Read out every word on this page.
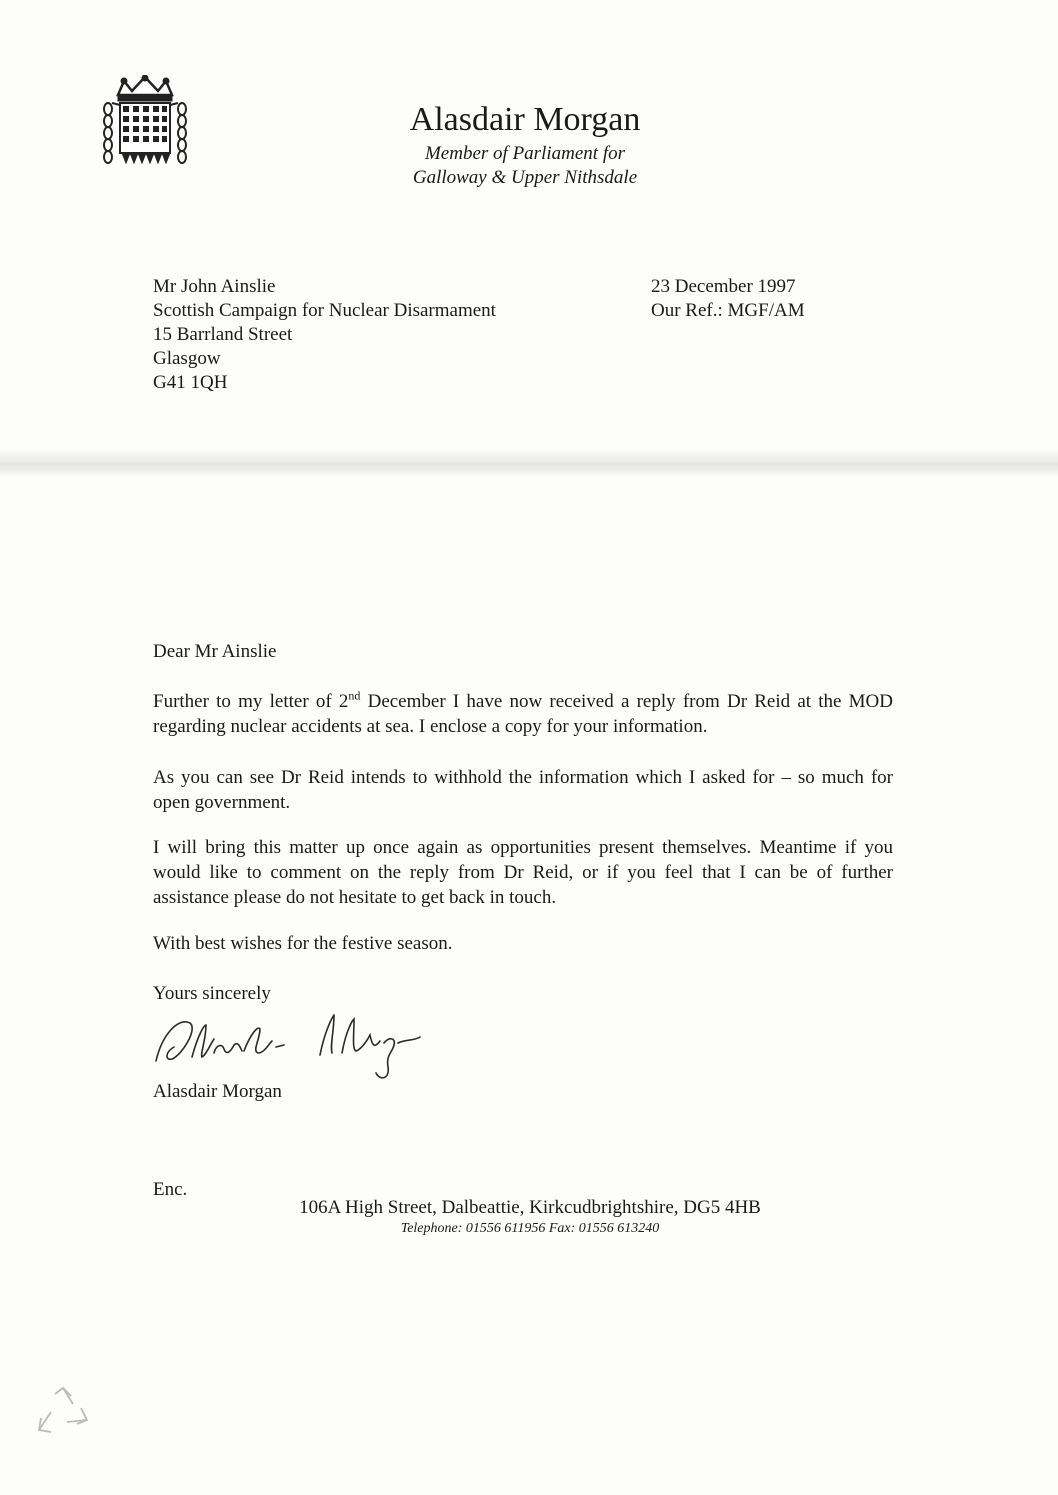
Alasdair Morgan
Member of Parliament for
Galloway & Upper Nithsdale
Mr John Ainslie
Scottish Campaign for Nuclear Disarmament
15 Barrland Street
Glasgow
G41 1QH
23 December 1997
Our Ref.: MGF/AM
Dear Mr Ainslie
Further to my letter of 2nd December I have now received a reply from Dr Reid at the MOD regarding nuclear accidents at sea. I enclose a copy for your information.
As you can see Dr Reid intends to withhold the information which I asked for – so much for open government.
I will bring this matter up once again as opportunities present themselves. Meantime if you would like to comment on the reply from Dr Reid, or if you feel that I can be of further assistance please do not hesitate to get back in touch.
With best wishes for the festive season.
Yours sincerely
Alasdair Morgan
Enc.
106A High Street, Dalbeattie, Kirkcudbrightshire, DG5 4HB
Telephone: 01556 611956 Fax: 01556 613240
